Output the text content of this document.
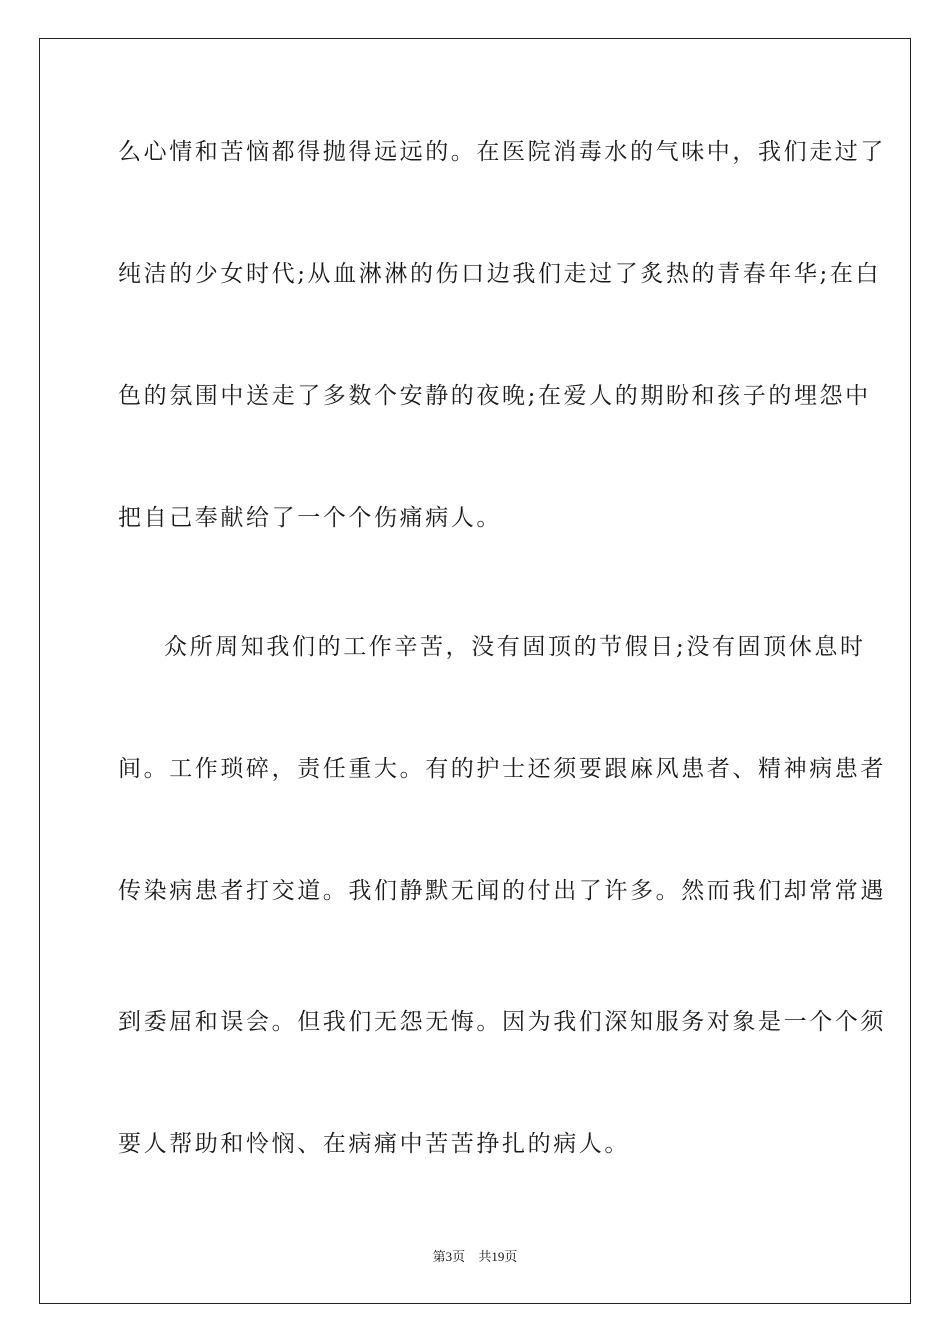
么心情和苦恼都得抛得远远的。在医院消毒水的气味中，我们走过了
纯洁的少女时代;从血淋淋的伤口边我们走过了炙热的青春年华;在白
色的氛围中送走了多数个安静的夜晚;在爱人的期盼和孩子的埋怨中
把自己奉献给了一个个伤痛病人。
众所周知我们的工作辛苦，没有固顶的节假日;没有固顶休息时
间。工作琐碎，责任重大。有的护士还须要跟麻风患者、精神病患者
传染病患者打交道。我们静默无闻的付出了许多。然而我们却常常遇
到委屈和误会。但我们无怨无悔。因为我们深知服务对象是一个个须
要人帮助和怜悯、在病痛中苦苦挣扎的病人。
第3页 共19页
